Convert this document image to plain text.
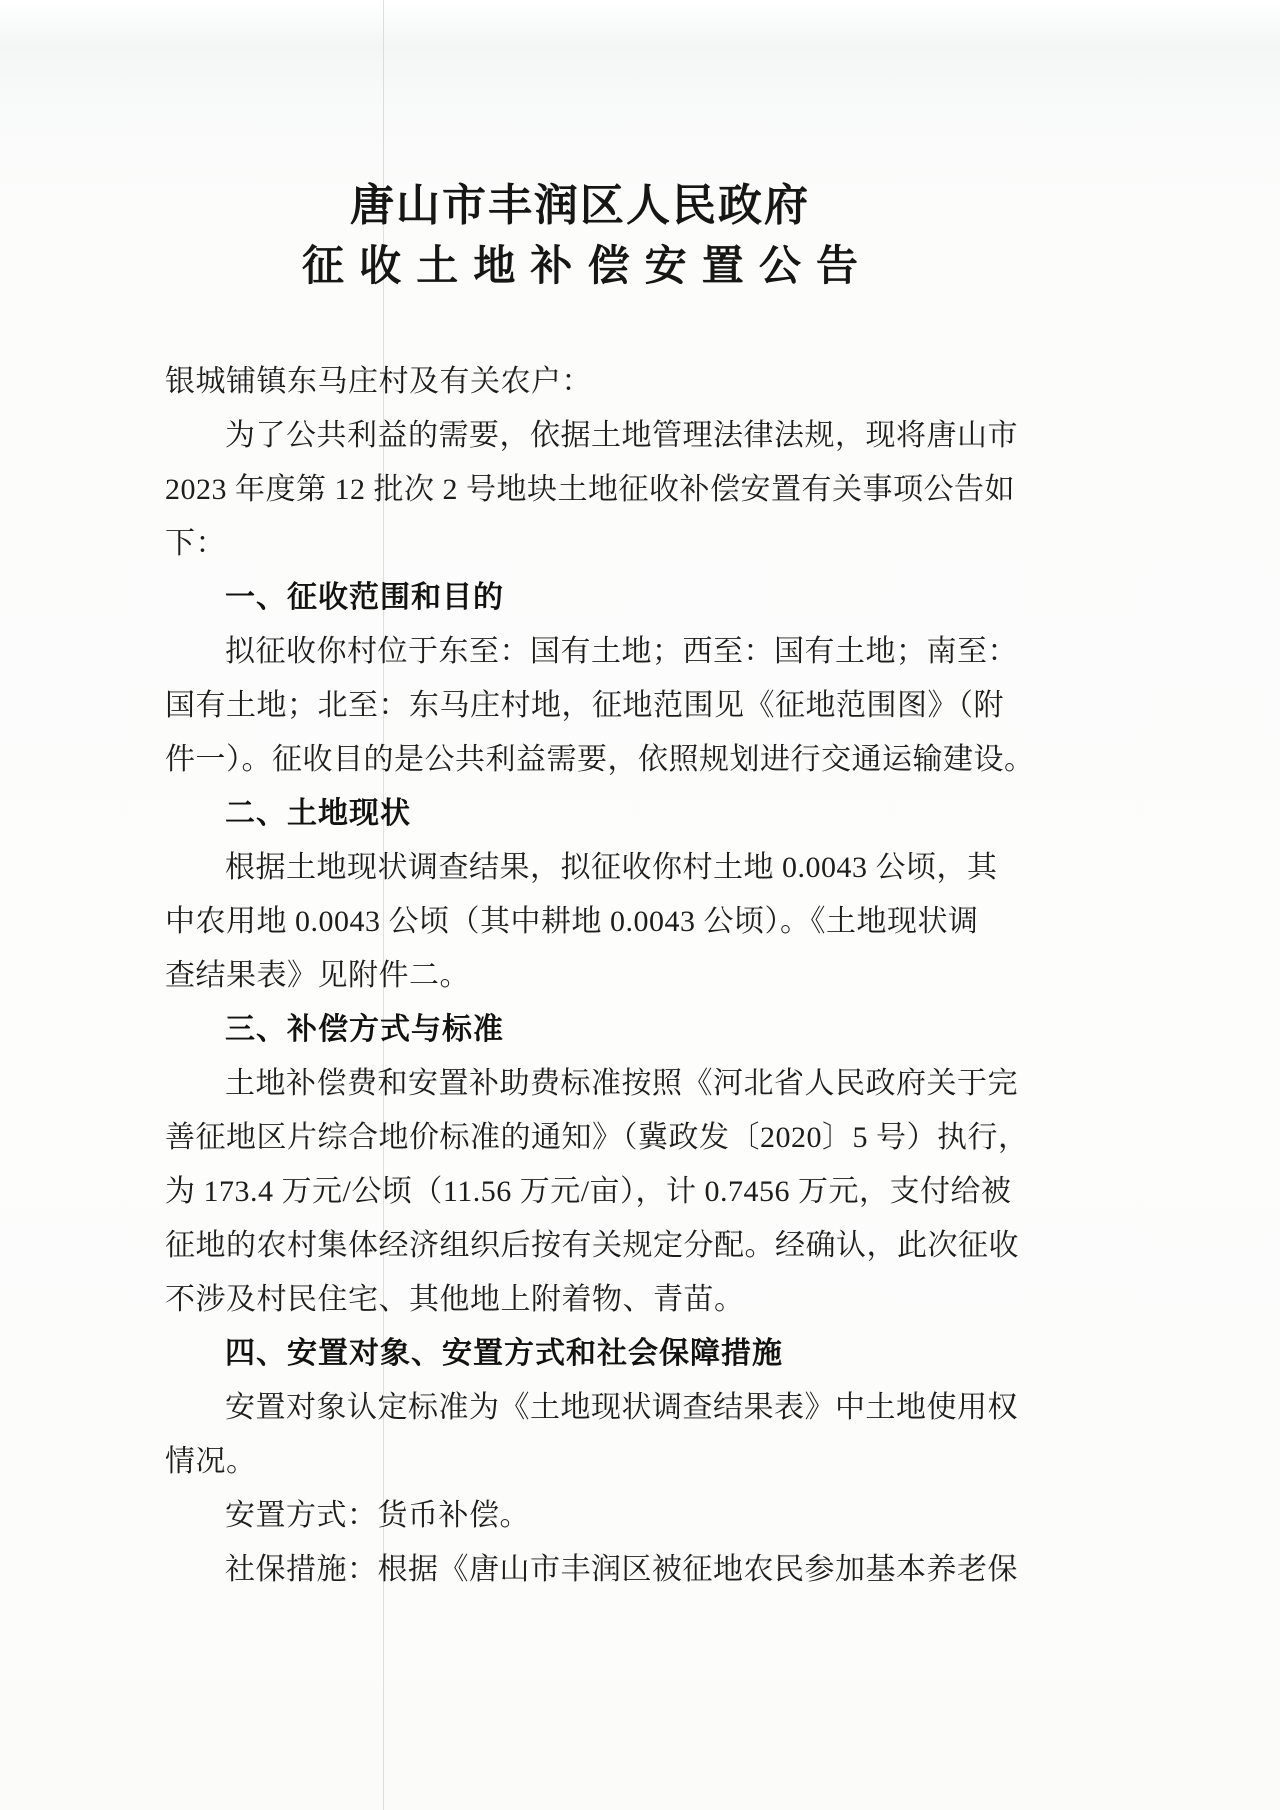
唐山市丰润区人民政府
征收土地补偿安置公告
银城铺镇东马庄村及有关农户：
为了公共利益的需要，依据土地管理法律法规，现将唐山市
2023 年度第 12 批次 2 号地块土地征收补偿安置有关事项公告如
下：
一、征收范围和目的
拟征收你村位于东至：国有土地；西至：国有土地；南至：
国有土地；北至：东马庄村地，征地范围见《征地范围图》（附
件一）。征收目的是公共利益需要，依照规划进行交通运输建设。
二、土地现状
根据土地现状调查结果，拟征收你村土地 0.0043 公顷，其
中农用地 0.0043 公顷（其中耕地 0.0043 公顷）。《土地现状调
查结果表》见附件二。
三、补偿方式与标准
土地补偿费和安置补助费标准按照《河北省人民政府关于完
善征地区片综合地价标准的通知》（冀政发〔2020〕5 号）执行，
为 173.4 万元/公顷（11.56 万元/亩），计 0.7456 万元，支付给被
征地的农村集体经济组织后按有关规定分配。经确认，此次征收
不涉及村民住宅、其他地上附着物、青苗。
四、安置对象、安置方式和社会保障措施
安置对象认定标准为《土地现状调查结果表》中土地使用权
情况。
安置方式：货币补偿。
社保措施：根据《唐山市丰润区被征地农民参加基本养老保
